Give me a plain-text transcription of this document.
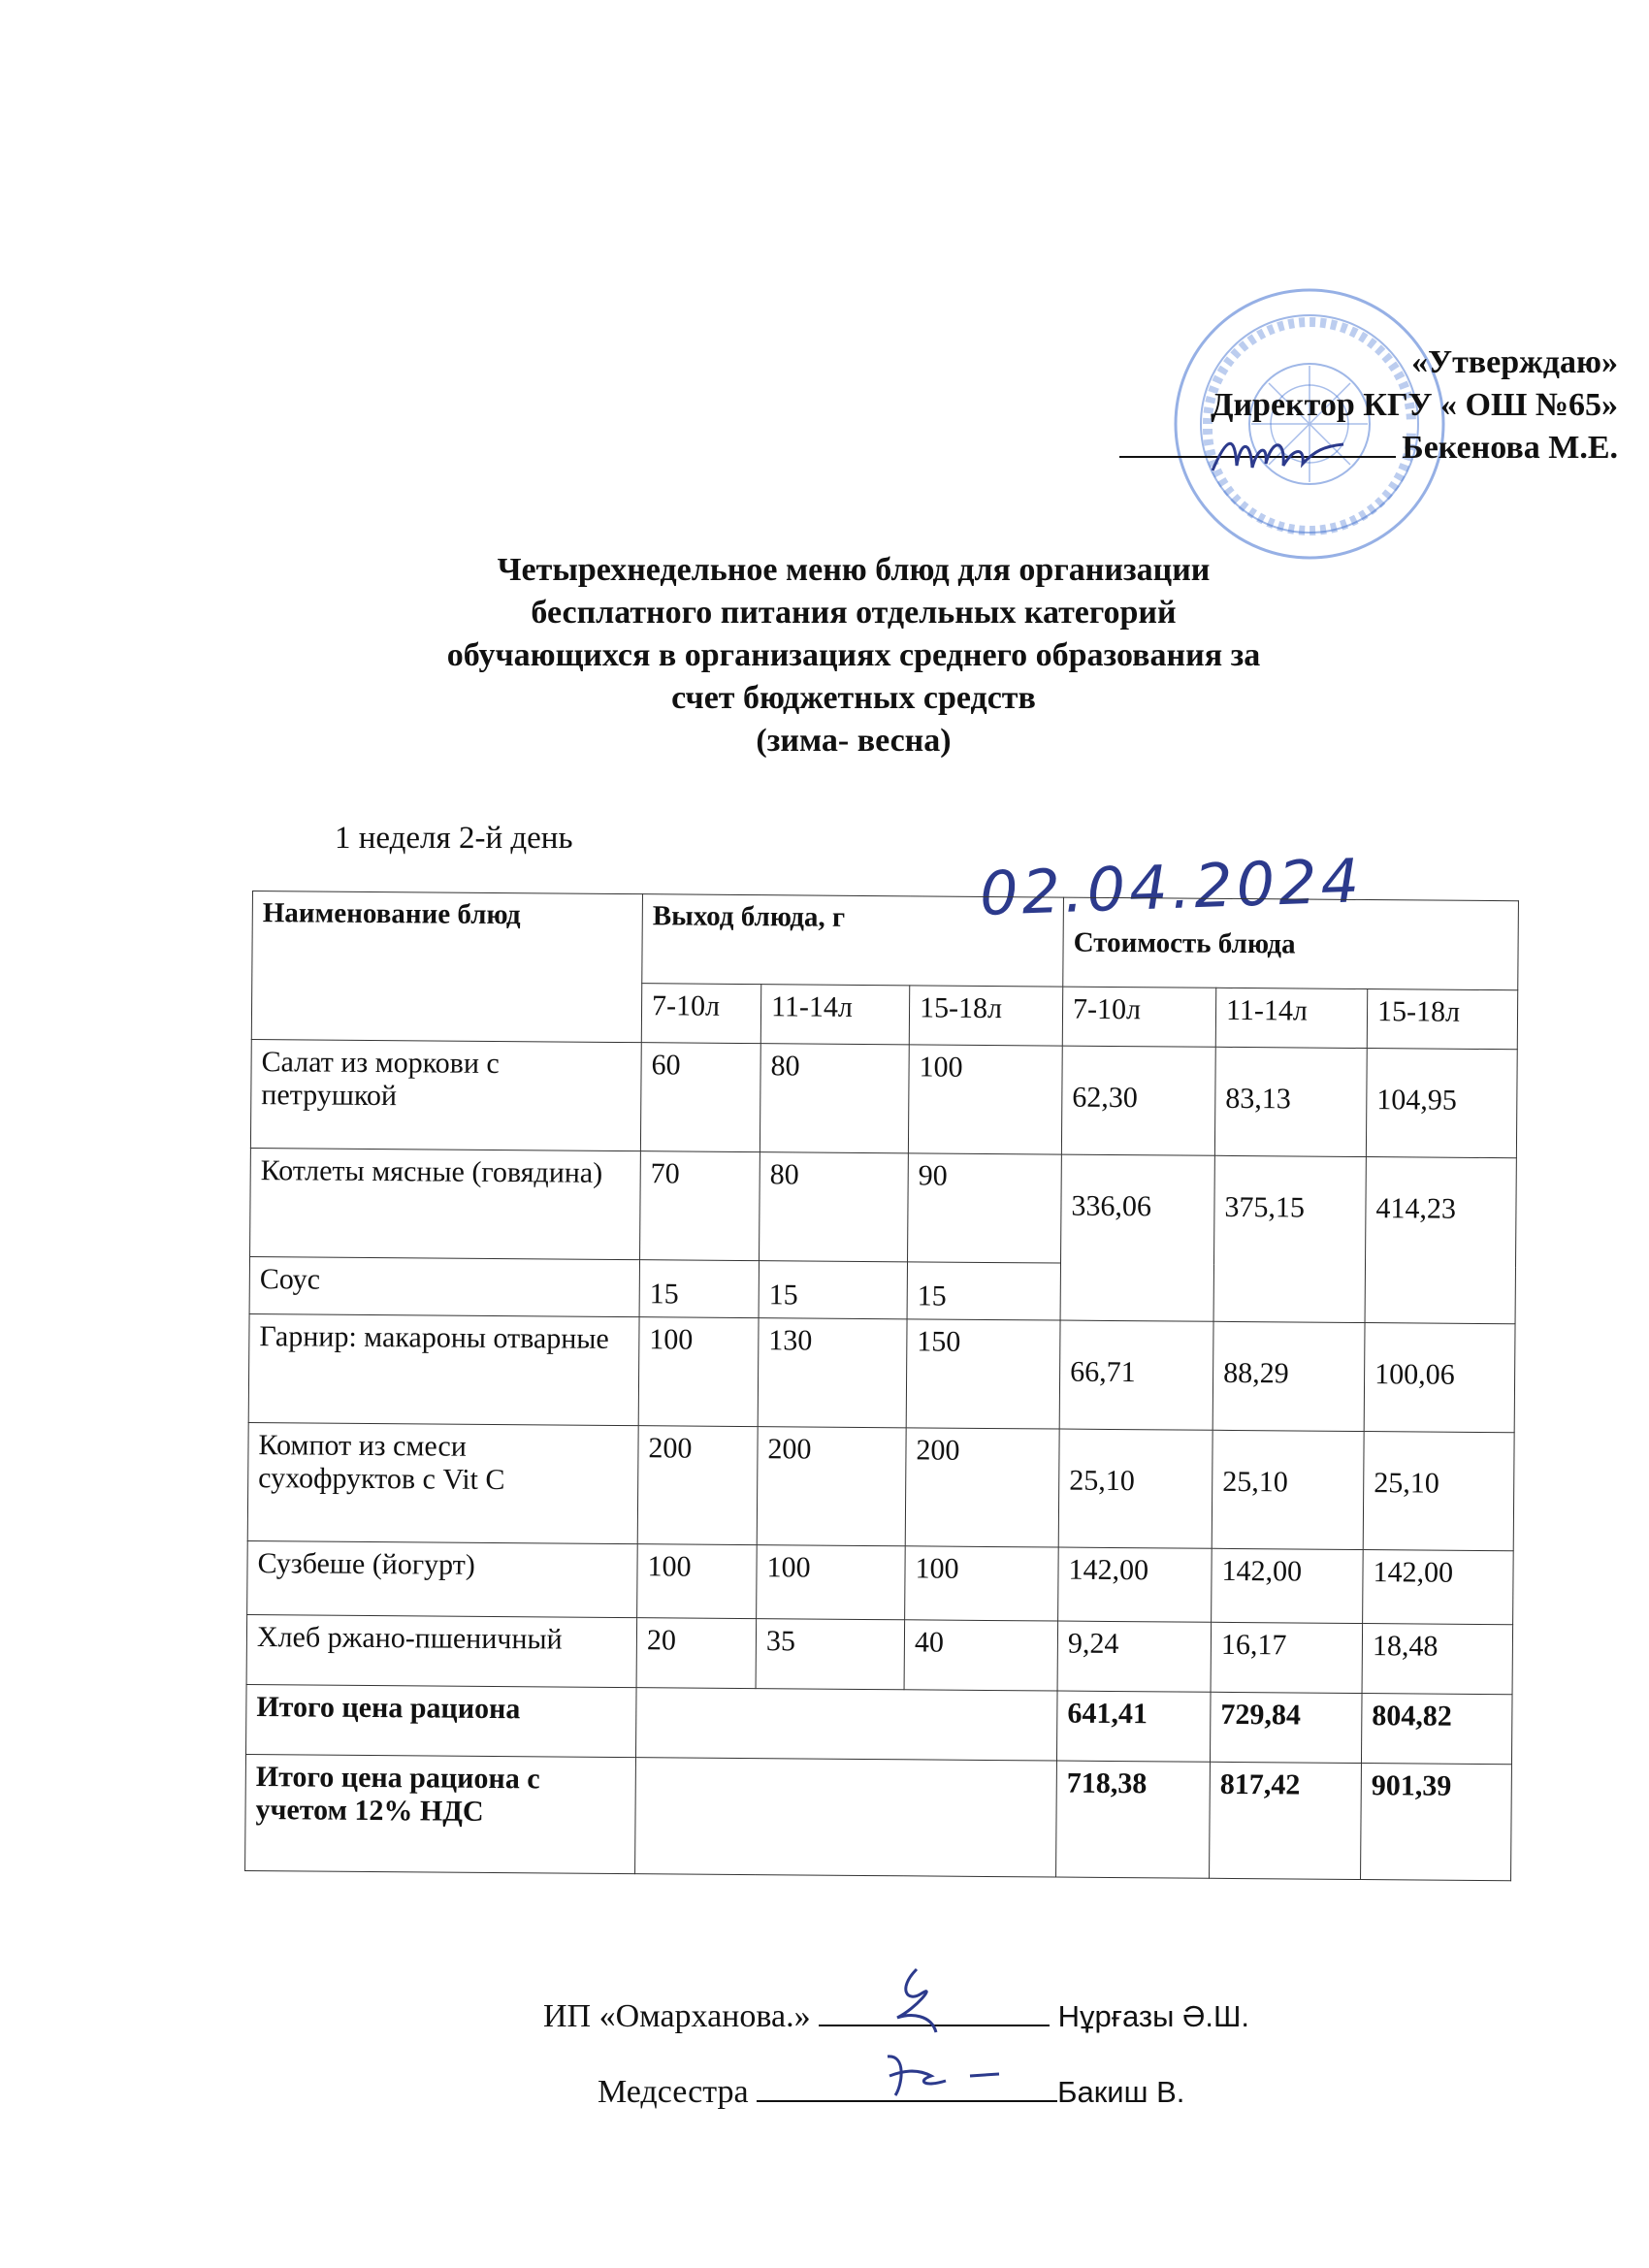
«Утверждаю»
Директор КГУ « ОШ №65»
Бекенова М.Е.
Четырехнедельное меню блюд для организации
бесплатного питания отдельных категорий
обучающихся в организациях среднего образования за
счет бюджетных средств
(зима- весна)
1 неделя 2-й день
02.04.2024
Наименование блюд	Выход блюда, г			Стоимость блюда		
	7-10л	11-14л	15-18л	7-10л	11-14л	15-18л
Салат из моркови с петрушкой	60	80	100	62,30	83,13	104,95
Котлеты мясные (говядина)	70	80	90	336,06	375,15	414,23
Соус	15	15	15			
Гарнир: макароны отварные	100	130	150	66,71	88,29	100,06
Компот из смеси сухофруктов с Vit C	200	200	200	25,10	25,10	25,10
Сузбеше (йогурт)	100	100	100	142,00	142,00	142,00
Хлеб ржано-пшеничный	20	35	40	9,24	16,17	18,48
Итого цена рациона				641,41	729,84	804,82
Итого цена рациона с учетом 12% НДС				718,38	817,42	901,39
ИП «Омарханова.»	Нұрғазы Ә.Ш.
Медсестра	Бакиш В.
